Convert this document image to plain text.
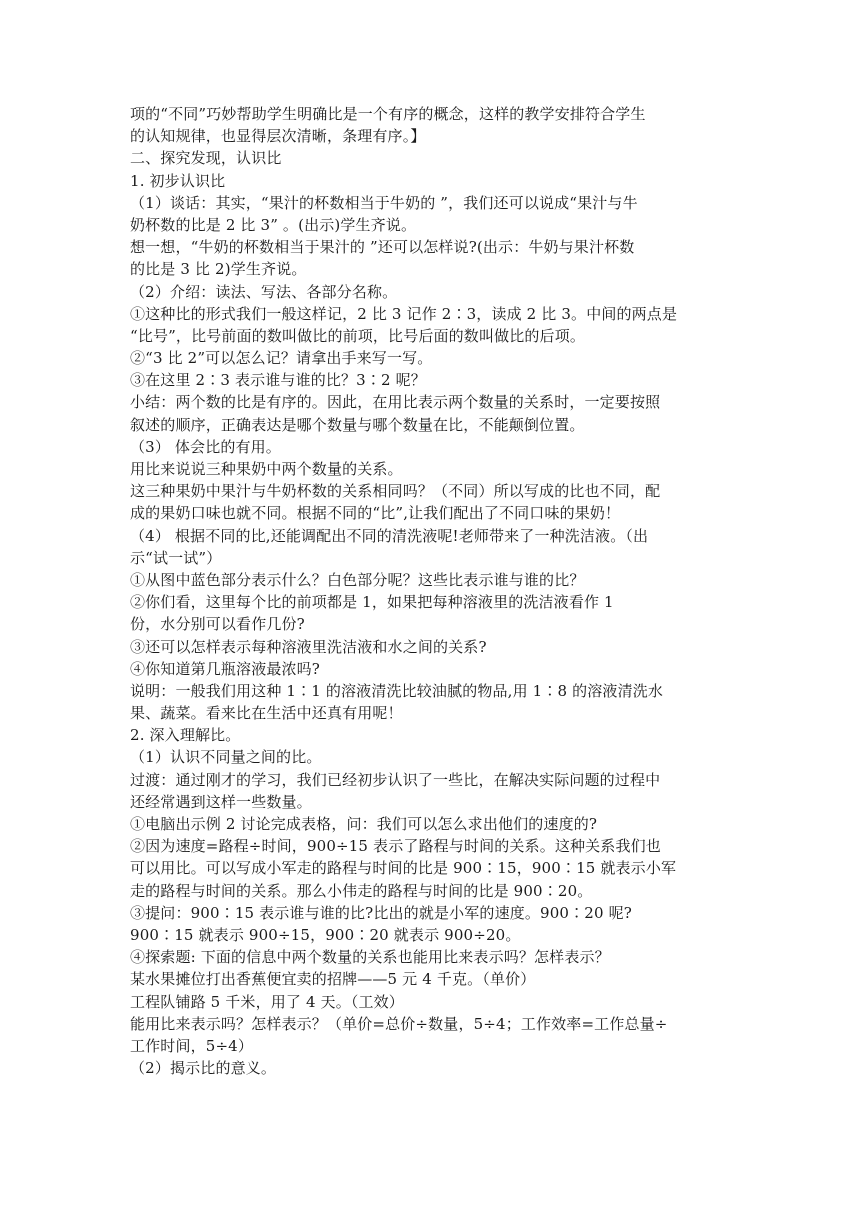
项的“不同”巧妙帮助学生明确比是一个有序的概念，这样的教学安排符合学生
的认知规律，也显得层次清晰，条理有序。】
二、探究发现，认识比
1. 初步认识比
（1）谈话：其实，“果汁的杯数相当于牛奶的 ”，我们还可以说成“果汁与牛
奶杯数的比是 2 比 3” 。(出示)学生齐说。
想一想，“牛奶的杯数相当于果汁的 ”还可以怎样说?(出示：牛奶与果汁杯数
的比是 3 比 2)学生齐说。
（2）介绍：读法、写法、各部分名称。
①这种比的形式我们一般这样记，2 比 3 记作 2∶3，读成 2 比 3。中间的两点是
“比号”，比号前面的数叫做比的前项，比号后面的数叫做比的后项。
②“3 比 2”可以怎么记？请拿出手来写一写。
③在这里 2∶3 表示谁与谁的比？3∶2 呢？
小结：两个数的比是有序的。因此，在用比表示两个数量的关系时，一定要按照
叙述的顺序，正确表达是哪个数量与哪个数量在比，不能颠倒位置。
（3） 体会比的有用。
用比来说说三种果奶中两个数量的关系。
这三种果奶中果汁与牛奶杯数的关系相同吗？（不同）所以写成的比也不同，配
成的果奶口味也就不同。根据不同的“比”,让我们配出了不同口味的果奶！
（4） 根据不同的比,还能调配出不同的清洗液呢!老师带来了一种洗洁液。（出
示“试一试”）
①从图中蓝色部分表示什么？白色部分呢？这些比表示谁与谁的比？
②你们看，这里每个比的前项都是 1，如果把每种溶液里的洗洁液看作 1
份，水分别可以看作几份?
③还可以怎样表示每种溶液里洗洁液和水之间的关系?
④你知道第几瓶溶液最浓吗?
说明：一般我们用这种 1∶1 的溶液清洗比较油腻的物品,用 1∶8 的溶液清洗水
果、蔬菜。看来比在生活中还真有用呢！
2. 深入理解比。
（1）认识不同量之间的比。
过渡：通过刚才的学习，我们已经初步认识了一些比，在解决实际问题的过程中
还经常遇到这样一些数量。
①电脑出示例 2 讨论完成表格，问：我们可以怎么求出他们的速度的?
②因为速度=路程÷时间，900÷15 表示了路程与时间的关系。这种关系我们也
可以用比。可以写成小军走的路程与时间的比是 900∶15，900∶15 就表示小军
走的路程与时间的关系。那么小伟走的路程与时间的比是 900∶20。
③提问：900∶15 表示谁与谁的比?比出的就是小军的速度。900∶20 呢?
900∶15 就表示 900÷15，900∶20 就表示 900÷20。
④探索题: 下面的信息中两个数量的关系也能用比来表示吗？怎样表示？
某水果摊位打出香蕉便宜卖的招牌——5 元 4 千克。（单价）
工程队铺路 5 千米，用了 4 天。（工效）
能用比来表示吗？怎样表示？（单价=总价÷数量，5÷4；工作效率=工作总量÷
工作时间，5÷4）
（2）揭示比的意义。
